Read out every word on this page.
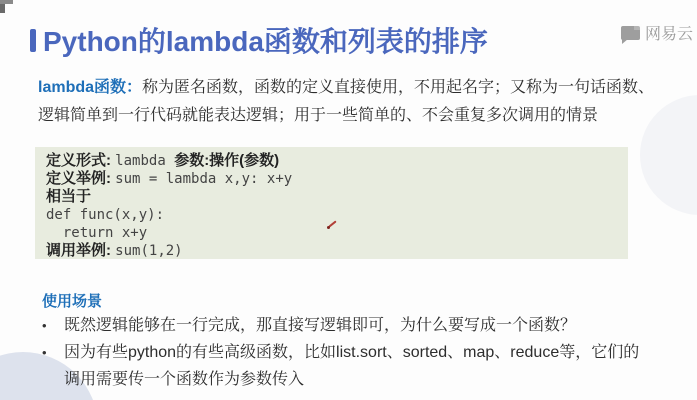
Python的lambda函数和列表的排序	网易云
lambda函数：称为匿名函数，函数的定义直接使用，不用起名字；又称为一句话函数、逻辑简单到一行代码就能表达逻辑；用于一些简单的、不会重复多次调用的情景
定义形式: lambda 参数:操作(参数)
定义举例: sum = lambda x,y: x+y
相当于
def func(x,y):
return x+y
调用举例: sum(1,2)
使用场景
•	既然逻辑能够在一行完成，那直接写逻辑即可，为什么要写成一个函数？
•	因为有些python的有些高级函数，比如list.sort、sorted、map、reduce等，它们的调用需要传一个函数作为参数传入
